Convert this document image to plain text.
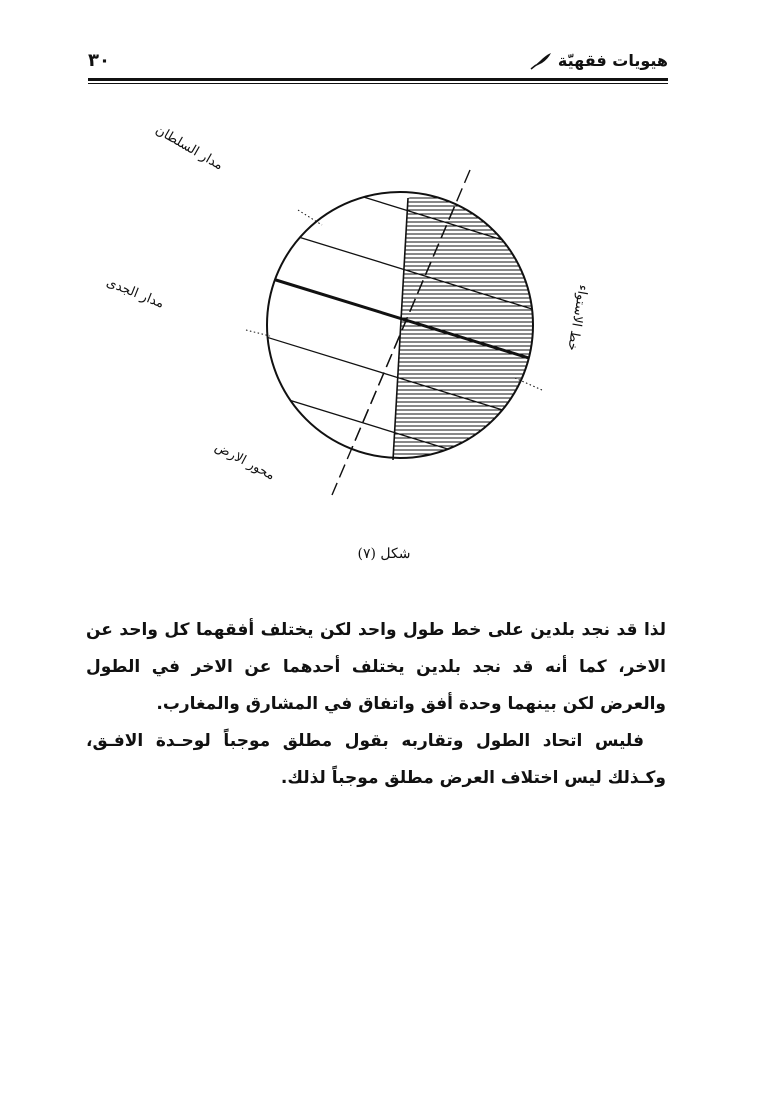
٣٠	هيويات فقهيّة
مدار السلطان
مدار الجدى	خط الاستواء
محور الارض
شكل (٧)

لذا قد نجد بلدين على خط طول واحد لكن يختلف أفقهما كل واحد عن الاخر، كما أنه قد نجد بلدين يختلف أحدهما عن الاخر في الطول والعرض لكن بينهما وحدة أفق واتفاق في المشارق والمغارب.

فليس اتحاد الطول وتقاربه بقول مطلق موجباً لوحـدة الافـق، وكـذلك ليس اختلاف العرض مطلق موجباً لذلك.
